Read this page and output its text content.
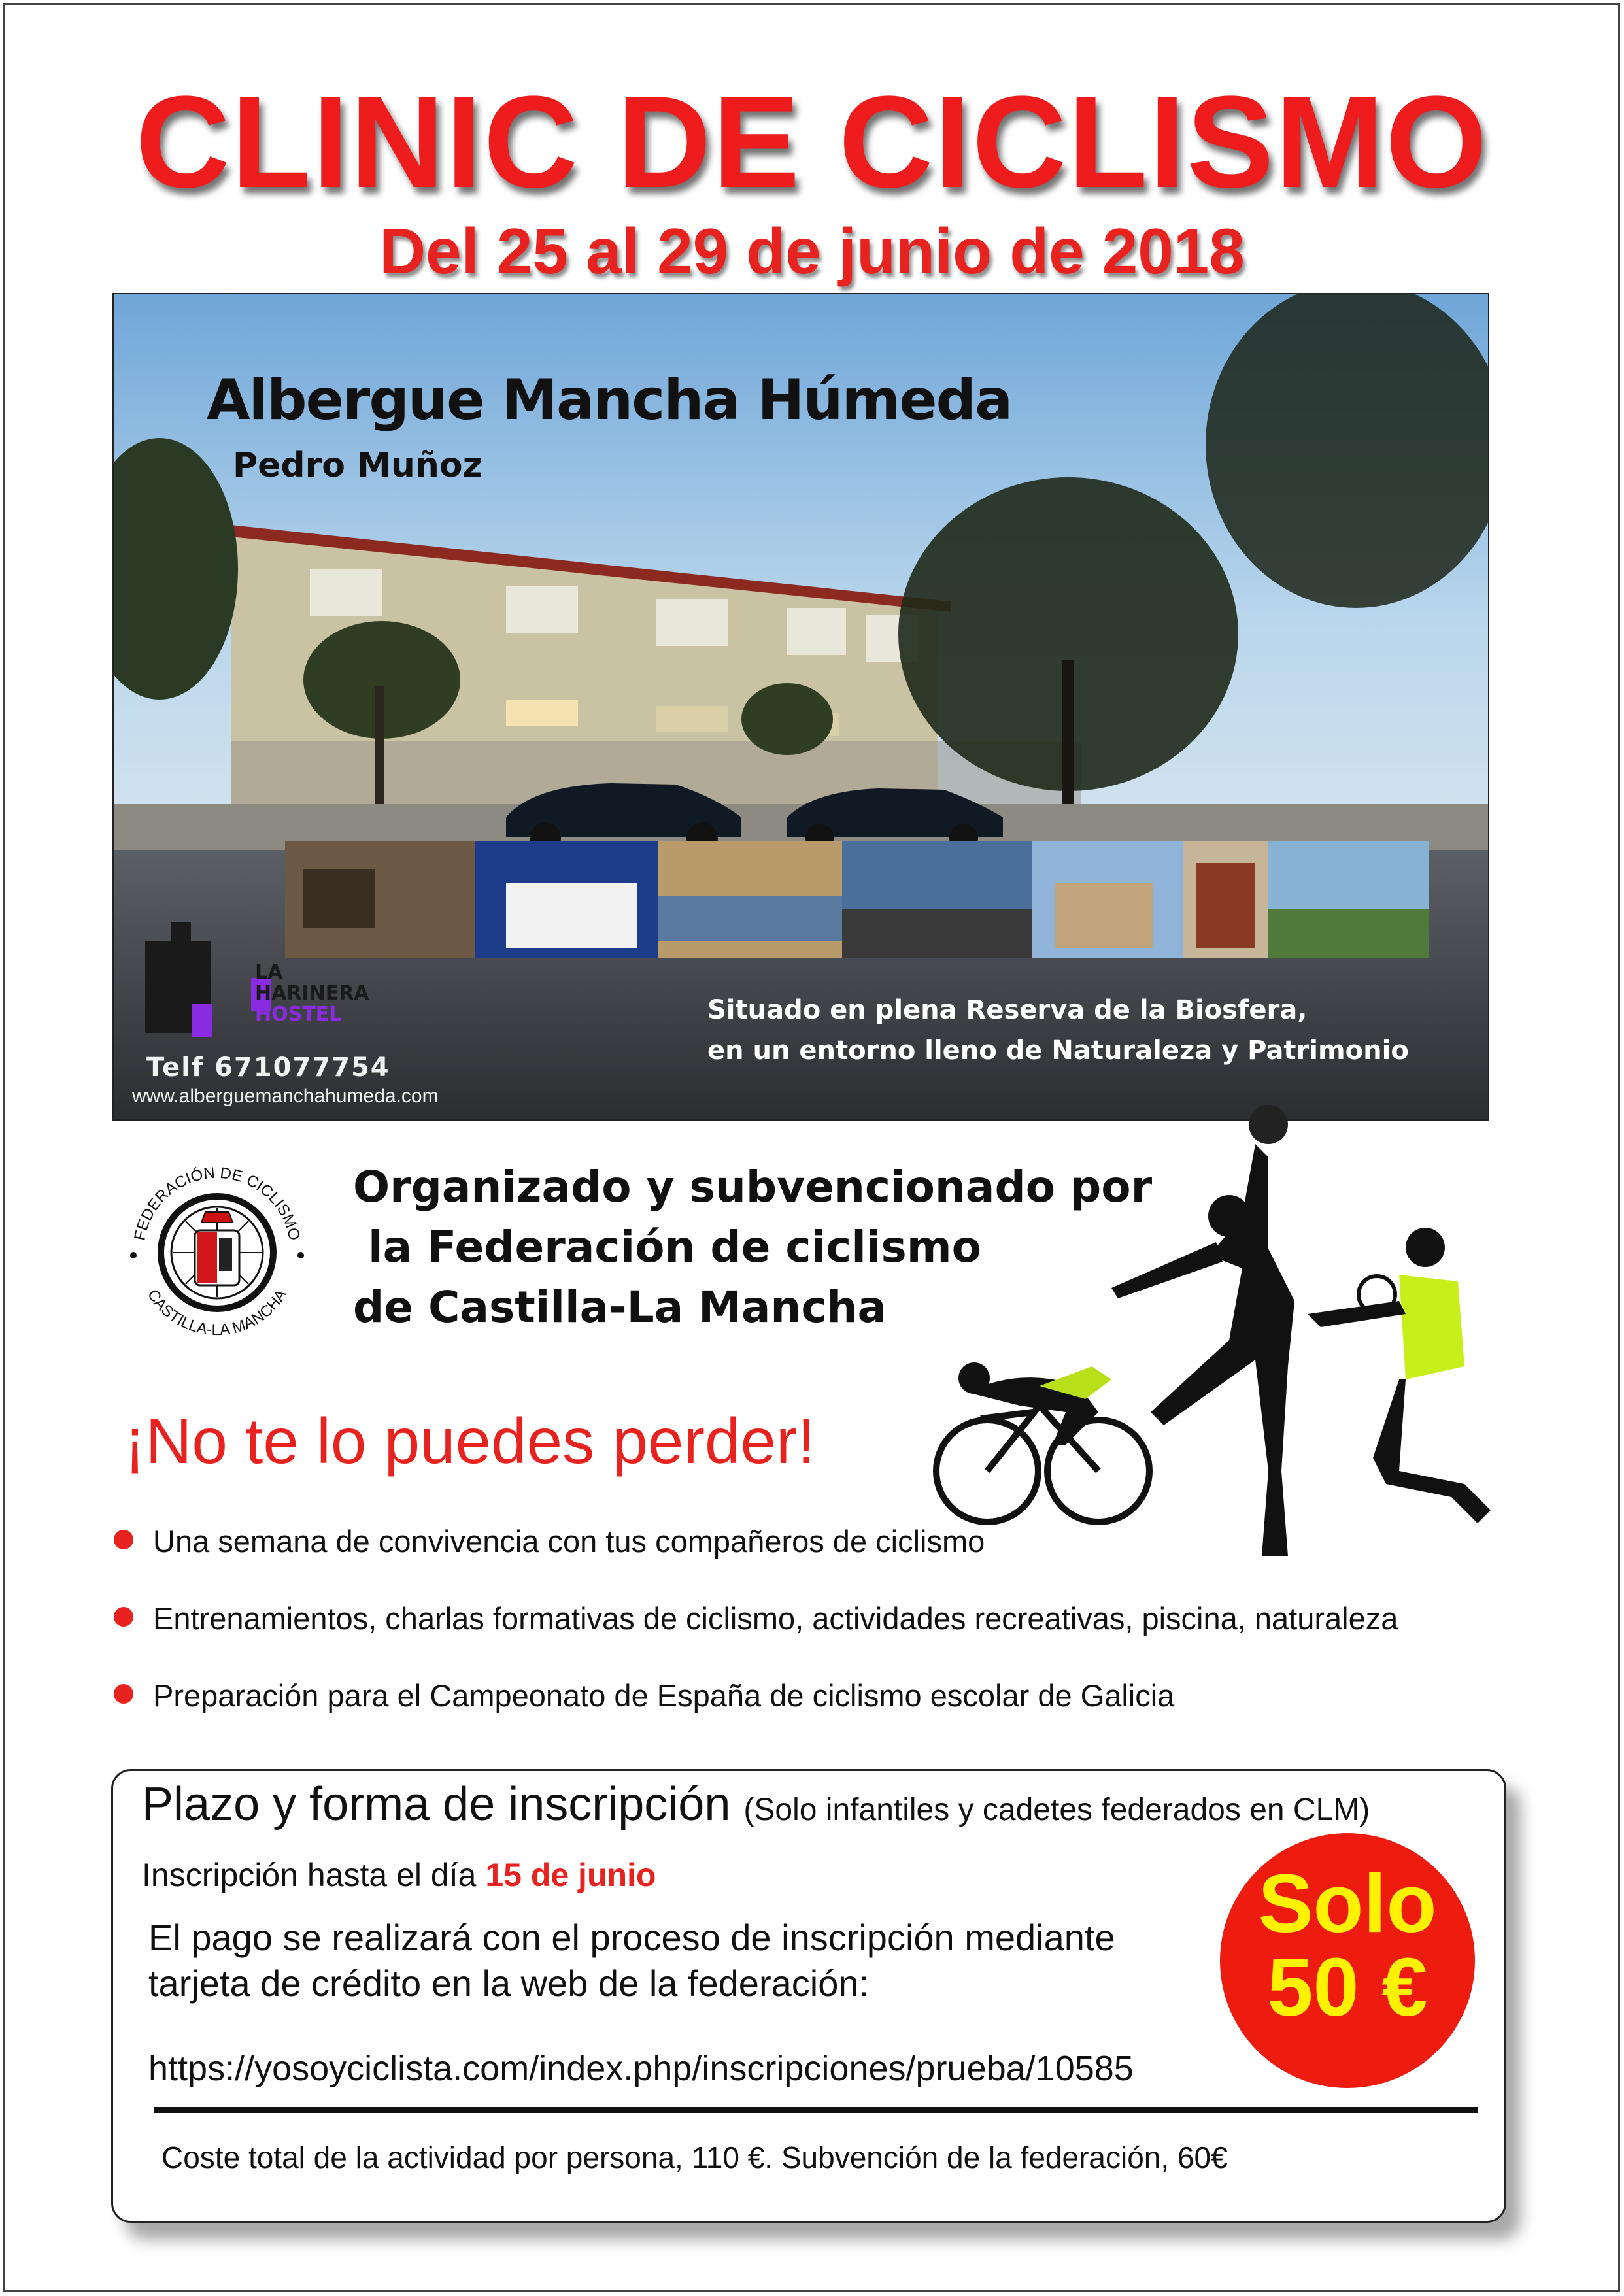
CLINIC DE CICLISMO
Del 25 al 29 de junio de 2018
Albergue Mancha Húmeda
Pedro Muñoz
LA
HARINERA
HOSTEL	Situado en plena Reserva de la Biosfera,
en un entorno lleno de Naturaleza y Patrimonio
Telf 671077754
www.alberguemanchahumeda.com
FEDERACIÓN DE CICLISMO
CASTILLA-LA MANCHA
Organizado y subvencionado por
la Federación de ciclismo
de Castilla-La Mancha
¡No te lo puedes perder!
Una semana de convivencia con tus compañeros de ciclismo
Entrenamientos, charlas formativas de ciclismo, actividades recreativas, piscina, naturaleza
Preparación para el Campeonato de España de ciclismo escolar de Galicia
Plazo y forma de inscripción (Solo infantiles y cadetes federados en CLM)
Inscripción hasta el día 15 de junio
El pago se realizará con el proceso de inscripción mediante
tarjeta de crédito en la web de la federación:
https://yosoyciclista.com/index.php/inscripciones/prueba/10585
Coste total de la actividad por persona, 110 €. Subvención de la federación, 60€
Solo
50 €
